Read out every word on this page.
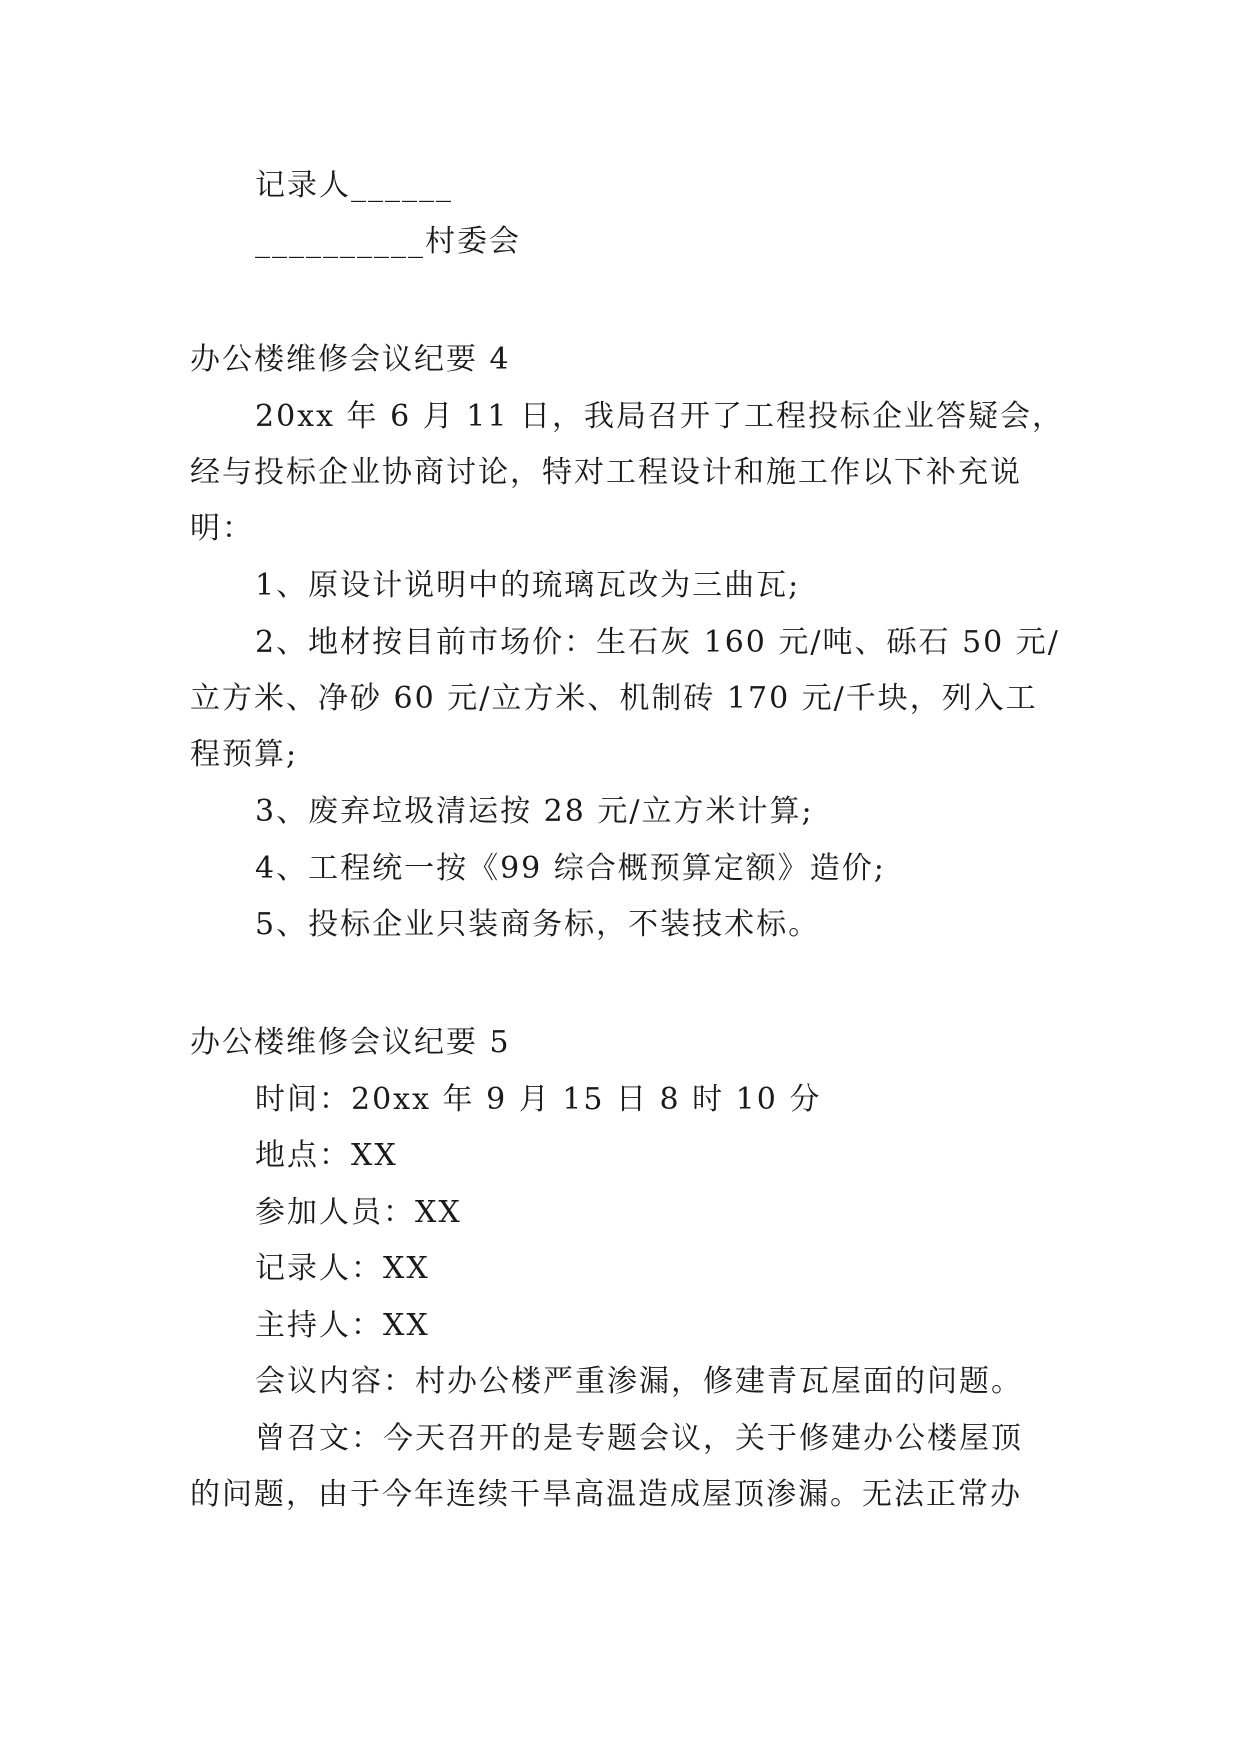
记录人______
__________村委会
办公楼维修会议纪要 4
20xx 年 6 月 11 日，我局召开了工程投标企业答疑会，
经与投标企业协商讨论，特对工程设计和施工作以下补充说
明：
1、原设计说明中的琉璃瓦改为三曲瓦;
2、地材按目前市场价：生石灰 160 元/吨、砾石 50 元/
立方米、净砂 60 元/立方米、机制砖 170 元/千块，列入工
程预算;
3、废弃垃圾清运按 28 元/立方米计算;
4、工程统一按《99 综合概预算定额》造价;
5、投标企业只装商务标，不装技术标。
办公楼维修会议纪要 5
时间：20xx 年 9 月 15 日 8 时 10 分
地点：XX
参加人员：XX
记录人：XX
主持人：XX
会议内容：村办公楼严重渗漏，修建青瓦屋面的问题。
曾召文：今天召开的是专题会议，关于修建办公楼屋顶
的问题，由于今年连续干旱高温造成屋顶渗漏。无法正常办
